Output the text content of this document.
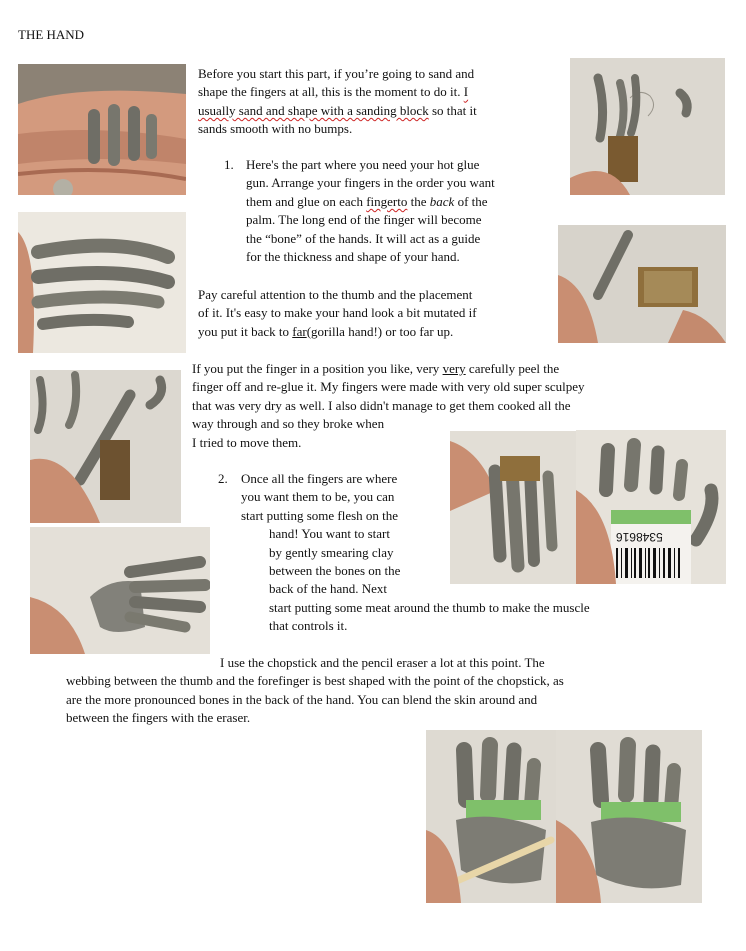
THE HAND
5348616
Before you start this part, if you’re going to sand and
shape the fingers at all, this is the moment to do it. I
usually sand and shape with a sanding block so that it
sands smooth with no bumps.
1. Here's the part where you need your hot glue
gun. Arrange your fingers in the order you want
them and glue on each fingerto the back of the
palm. The long end of the finger will become
the “bone” of the hands. It will act as a guide
for the thickness and shape of your hand.
Pay careful attention to the thumb and the placement
of it. It's easy to make your hand look a bit mutated if
you put it back to far(gorilla hand!) or too far up.
If you put the finger in a position you like, very very carefully peel the
finger off and re-glue it. My fingers were made with very old super sculpey
that was very dry as well. I also didn't manage to get them cooked all the
way through and so they broke when
I tried to move them.
2. Once all the fingers are where
you want them to be, you can
start putting some flesh on the
hand! You want to start
by gently smearing clay
between the bones on the
back of the hand. Next
start putting some meat around the thumb to make the muscle
that controls it.
I use the chopstick and the pencil eraser a lot at this point. The
webbing between the thumb and the forefinger is best shaped with the point of the chopstick, as
are the more pronounced bones in the back of the hand. You can blend the skin around and
between the fingers with the eraser.
